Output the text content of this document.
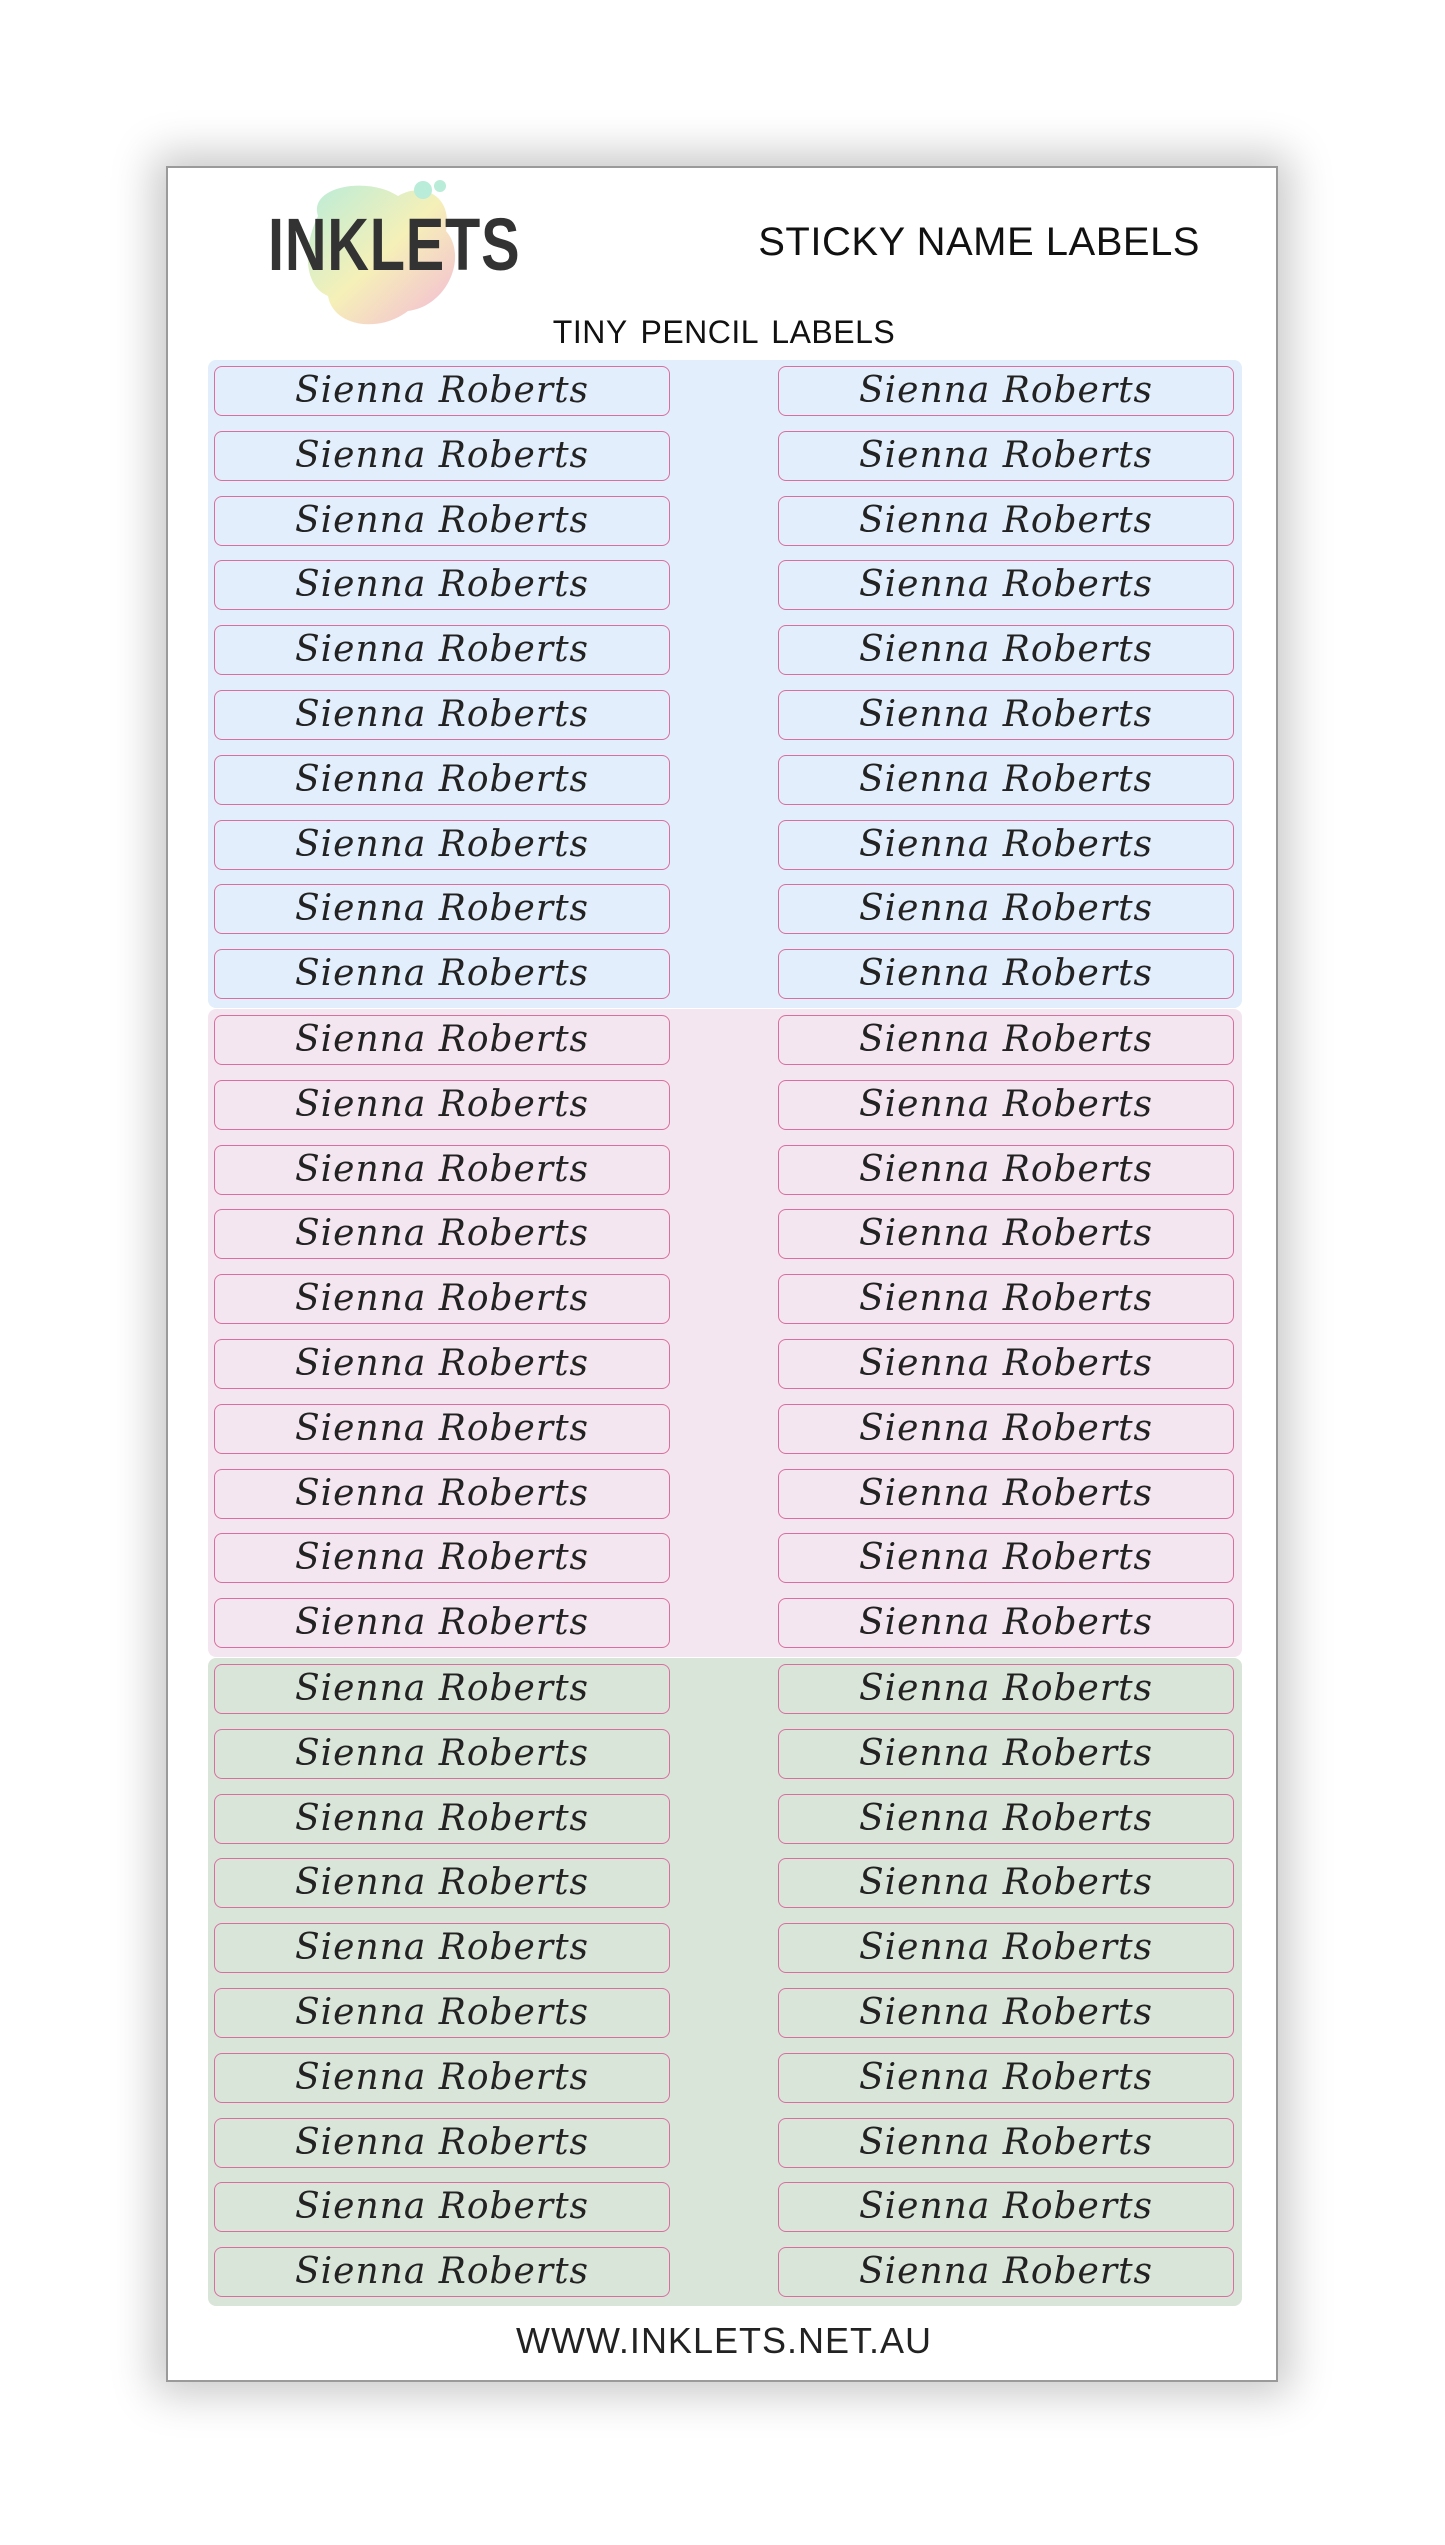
INKLETS	STICKY NAME LABELS
TINY PENCIL LABELS
Sienna Roberts	Sienna Roberts
Sienna Roberts	Sienna Roberts
Sienna Roberts	Sienna Roberts
Sienna Roberts	Sienna Roberts
Sienna Roberts	Sienna Roberts
Sienna Roberts	Sienna Roberts
Sienna Roberts	Sienna Roberts
Sienna Roberts	Sienna Roberts
Sienna Roberts	Sienna Roberts
Sienna Roberts	Sienna Roberts
Sienna Roberts	Sienna Roberts
Sienna Roberts	Sienna Roberts
Sienna Roberts	Sienna Roberts
Sienna Roberts	Sienna Roberts
Sienna Roberts	Sienna Roberts
Sienna Roberts	Sienna Roberts
Sienna Roberts	Sienna Roberts
Sienna Roberts	Sienna Roberts
Sienna Roberts	Sienna Roberts
Sienna Roberts	Sienna Roberts
Sienna Roberts	Sienna Roberts
Sienna Roberts	Sienna Roberts
Sienna Roberts	Sienna Roberts
Sienna Roberts	Sienna Roberts
Sienna Roberts	Sienna Roberts
Sienna Roberts	Sienna Roberts
Sienna Roberts	Sienna Roberts
Sienna Roberts	Sienna Roberts
Sienna Roberts	Sienna Roberts
Sienna Roberts	Sienna Roberts
WWW.INKLETS.NET.AU
